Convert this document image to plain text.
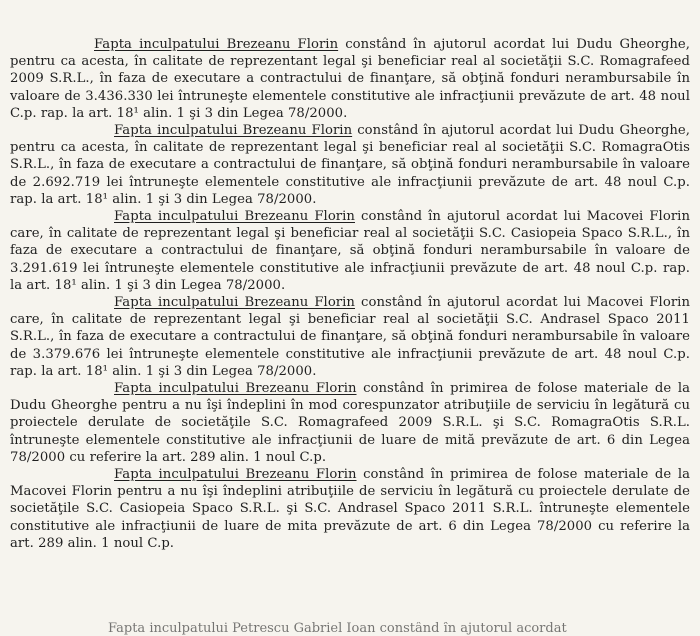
Fapta inculpatului Brezeanu Florin constând în ajutorul acordat lui Dudu Gheorghe, pentru ca acesta, în calitate de reprezentant legal şi beneficiar real al societăţii S.C. Romagrafeed 2009 S.R.L., în faza de executare a contractului de finanţare, să obţină fonduri nerambursabile în valoare de 3.436.330 lei întruneşte elementele constitutive ale infracţiunii prevăzute de art. 48 noul C.p. rap. la art. 18¹ alin. 1 şi 3 din Legea 78/2000.

Fapta inculpatului Brezeanu Florin constând în ajutorul acordat lui Dudu Gheorghe, pentru ca acesta, în calitate de reprezentant legal şi beneficiar real al societăţii S.C. RomagraOtis S.R.L., în faza de executare a contractului de finanţare, să obţină fonduri nerambursabile în valoare de 2.692.719 lei întruneşte elementele constitutive ale infracţiunii prevăzute de art. 48 noul C.p. rap. la art. 18¹ alin. 1 şi 3 din Legea 78/2000.

Fapta inculpatului Brezeanu Florin constând în ajutorul acordat lui Macovei Florin care, în calitate de reprezentant legal şi beneficiar real al societăţii S.C. Casiopeia Spaco S.R.L., în faza de executare a contractului de finanţare, să obţină fonduri nerambursabile în valoare de 3.291.619 lei întruneşte elementele constitutive ale infracţiunii prevăzute de art. 48 noul C.p. rap. la art. 18¹ alin. 1 şi 3 din Legea 78/2000.

Fapta inculpatului Brezeanu Florin constând în ajutorul acordat lui Macovei Florin care, în calitate de reprezentant legal şi beneficiar real al societăţii S.C. Andrasel Spaco 2011 S.R.L., în faza de executare a contractului de finanţare, să obţină fonduri nerambursabile în valoare de 3.379.676 lei întruneşte elementele constitutive ale infracţiunii prevăzute de art. 48 noul C.p. rap. la art. 18¹ alin. 1 şi 3 din Legea 78/2000.

Fapta inculpatului Brezeanu Florin constând în primirea de folose materiale de la Dudu Gheorghe pentru a nu îşi îndeplini în mod corespunzator atribuţiile de serviciu în legătură cu proiectele derulate de societăţile S.C. Romagrafeed 2009 S.R.L. şi S.C. RomagraOtis S.R.L. întruneşte elementele constitutive ale infracţiunii de luare de mită prevăzute de art. 6 din Legea 78/2000 cu referire la art. 289 alin. 1 noul C.p.

Fapta inculpatului Brezeanu Florin constând în primirea de folose materiale de la Macovei Florin pentru a nu îşi îndeplini atribuţiile de serviciu în legătură cu proiectele derulate de societăţile S.C. Casiopeia Spaco S.R.L. şi S.C. Andrasel Spaco 2011 S.R.L. întruneşte elementele constitutive ale infracţiunii de luare de mita prevăzute de art. 6 din Legea 78/2000 cu referire la art. 289 alin. 1 noul C.p.

Fapta inculpatului Petrescu Gabriel Ioan constând în ajutorul acordat
